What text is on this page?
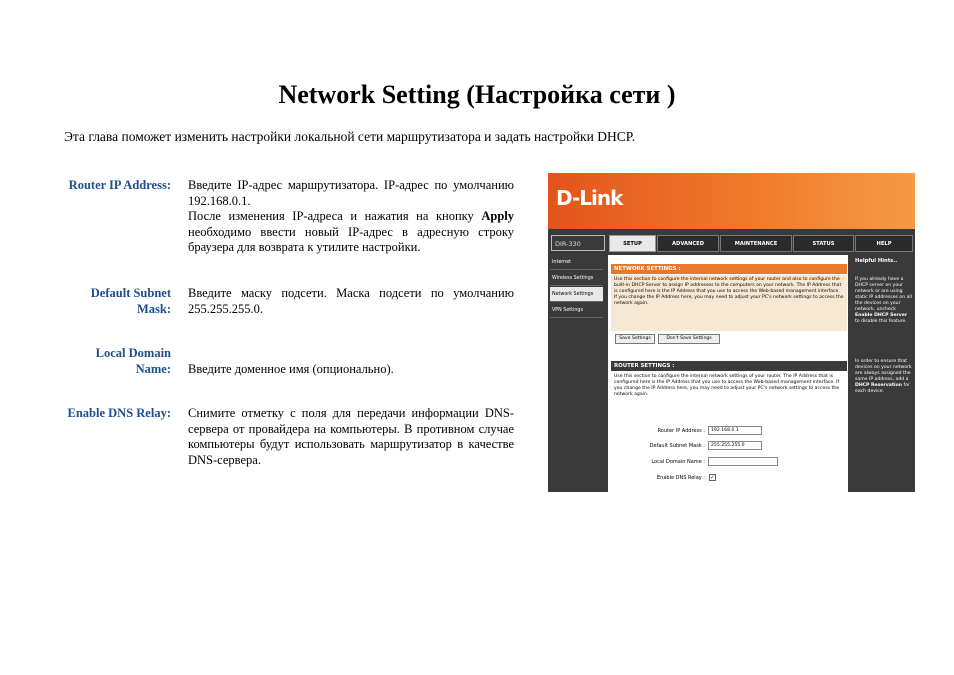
Network Setting (Настройка сети )
Эта глава поможет изменить настройки локальной сети маршрутизатора и задать настройки DHCP.
Router IP Address: Введите IP-адрес маршрутизатора. IP-адрес по умолчанию 192.168.0.1.
После изменения IP-адреса и нажатия на кнопку Apply необходимо ввести новый IP-адрес в адресную строку браузера для возврата к утилите настройки.
Default Subnet
Mask:
Введите маску подсети. Маска подсети по умолчанию 255.255.255.0.
Local Domain
Name: Введите доменное имя (опционально).
Enable DNS Relay: Снимите отметку с поля для передачи информации DNS-сервера от провайдера на компьютеры. В противном случае компьютеры будут использовать маршрутизатор в качестве DNS-сервера.
D-Link
DIR-330	SETUP	ADVANCED	MAINTENANCE	STATUS	HELP
Internet
Wireless Settings
Network Settings
VPN Settings
NETWORK SETTINGS :
Use this section to configure the internal network settings of your router and also to configure the built-in DHCP Server to assign IP addresses to the computers on your network. The IP Address that is configured here is the IP Address that you use to access the Web-based management interface. If you change the IP Address here, you may need to adjust your PC's network settings to access the network again.
Save Settings	Don't Save Settings
ROUTER SETTINGS :
Use this section to configure the internal network settings of your router. The IP Address that is configured here is the IP Address that you use to access the Web-based management interface. If you change the IP Address here, you may need to adjust your PC's network settings to access the network again.
Router IP Address :	192.168.0.1
Default Subnet Mask :	255.255.255.0
Local Domain Name :
Enable DNS Relay : ✓
Helpful Hints..
If you already have a DHCP server on your network or are using static IP addresses on all the devices on your network, uncheck Enable DHCP Server to disable this feature.
In order to ensure that devices on your network are always assigned the same IP address, add a DHCP Reservation for each device.
